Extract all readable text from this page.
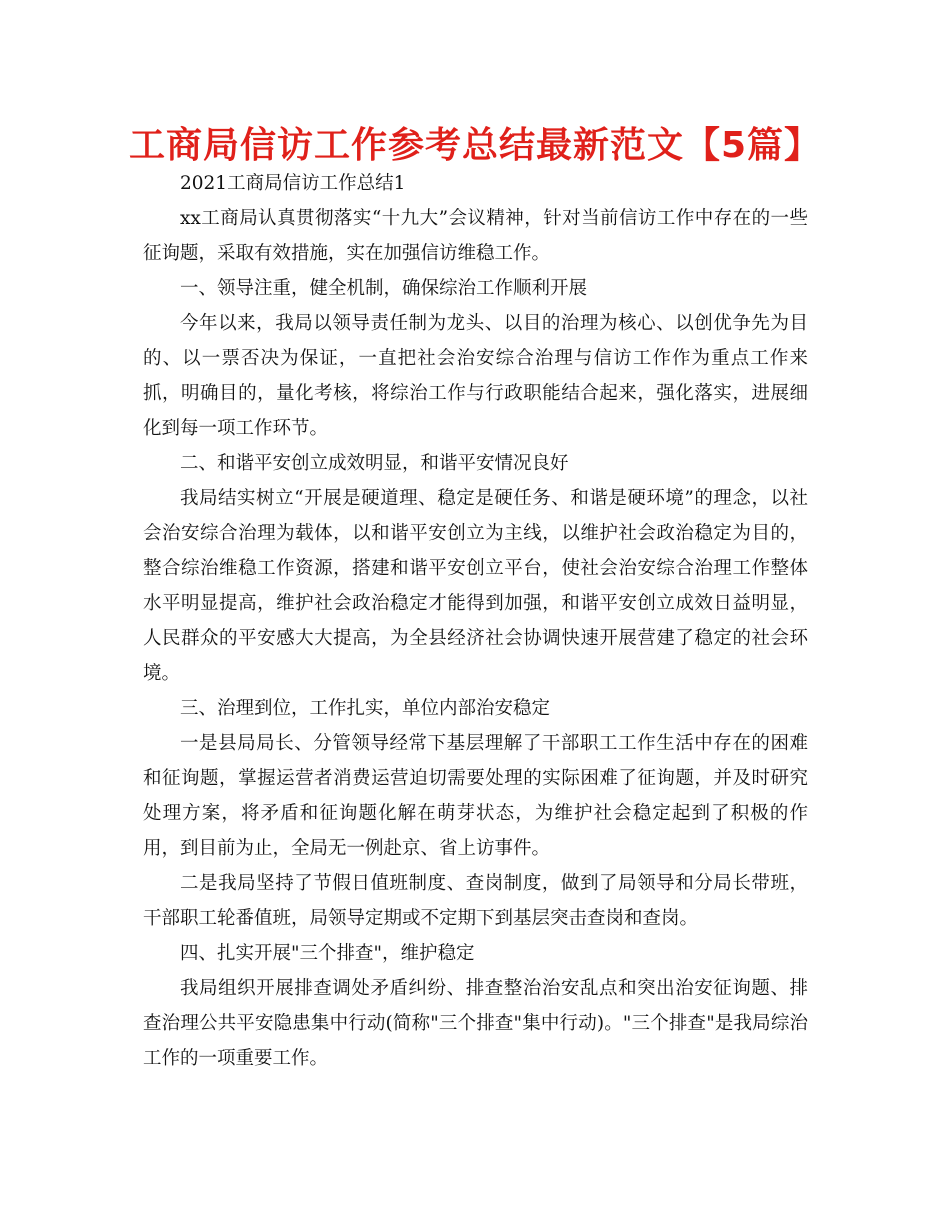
工商局信访工作参考总结最新范文【5篇】

2021工商局信访工作总结1

xx工商局认真贯彻落实“十九大”会议精神，针对当前信访工作中存在的一些征询题，采取有效措施，实在加强信访维稳工作。

一、领导注重，健全机制，确保综治工作顺利开展

今年以来，我局以领导责任制为龙头、以目的治理为核心、以创优争先为目的、以一票否决为保证，一直把社会治安综合治理与信访工作作为重点工作来抓，明确目的，量化考核，将综治工作与行政职能结合起来，强化落实，进展细化到每一项工作环节。

二、和谐平安创立成效明显，和谐平安情况良好

我局结实树立“开展是硬道理、稳定是硬任务、和谐是硬环境”的理念，以社会治安综合治理为载体，以和谐平安创立为主线，以维护社会政治稳定为目的，整合综治维稳工作资源，搭建和谐平安创立平台，使社会治安综合治理工作整体水平明显提高，维护社会政治稳定才能得到加强，和谐平安创立成效日益明显，人民群众的平安感大大提高，为全县经济社会协调快速开展营建了稳定的社会环境。

三、治理到位，工作扎实，单位内部治安稳定

一是县局局长、分管领导经常下基层理解了干部职工工作生活中存在的困难和征询题，掌握运营者消费运营迫切需要处理的实际困难了征询题，并及时研究处理方案，将矛盾和征询题化解在萌芽状态，为维护社会稳定起到了积极的作用，到目前为止，全局无一例赴京、省上访事件。

二是我局坚持了节假日值班制度、查岗制度，做到了局领导和分局长带班，干部职工轮番值班，局领导定期或不定期下到基层突击查岗和查岗。

四、扎实开展"三个排查"，维护稳定

我局组织开展排查调处矛盾纠纷、排查整治治安乱点和突出治安征询题、排查治理公共平安隐患集中行动(简称"三个排查"集中行动)。"三个排查"是我局综治工作的一项重要工作。
